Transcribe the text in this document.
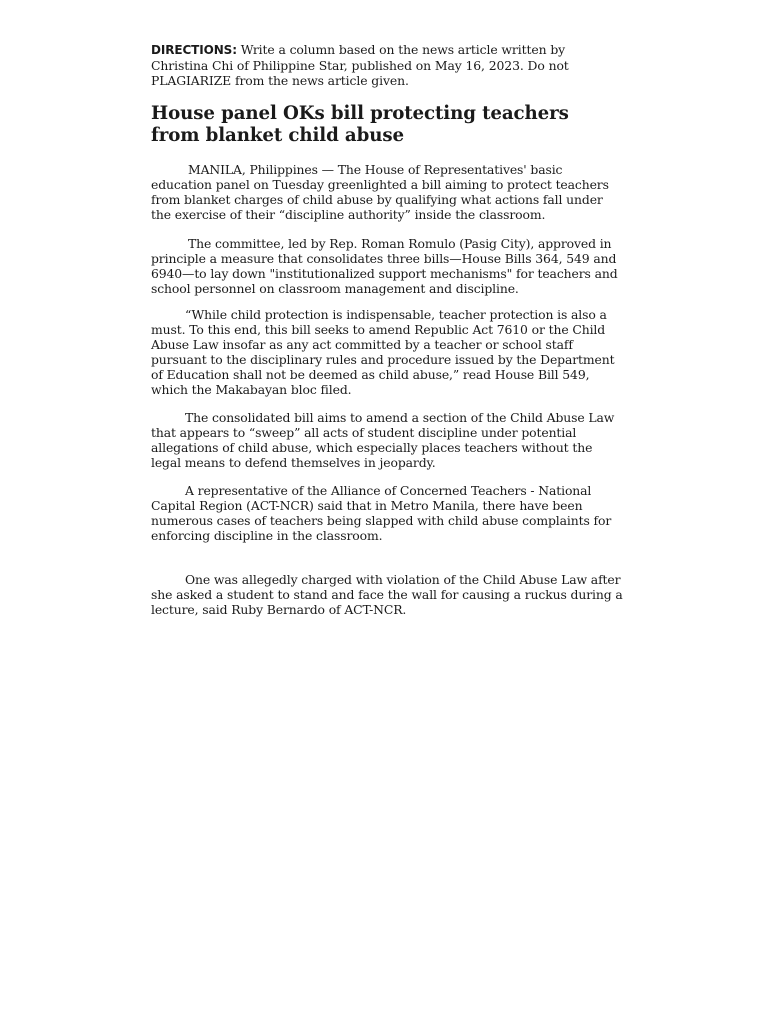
DIRECTIONS: Write a column based on the news article written by Christina Chi of Philippine Star, published on May 16, 2023. Do not PLAGIARIZE from the news article given.

House panel OKs bill protecting teachers from blanket child abuse

MANILA, Philippines — The House of Representatives' basic education panel on Tuesday greenlighted a bill aiming to protect teachers from blanket charges of child abuse by qualifying what actions fall under the exercise of their “discipline authority” inside the classroom.

The committee, led by Rep. Roman Romulo (Pasig City), approved in principle a measure that consolidates three bills—House Bills 364, 549 and 6940—to lay down "institutionalized support mechanisms" for teachers and school personnel on classroom management and discipline.

“While child protection is indispensable, teacher protection is also a must. To this end, this bill seeks to amend Republic Act 7610 or the Child Abuse Law insofar as any act committed by a teacher or school staff pursuant to the disciplinary rules and procedure issued by the Department of Education shall not be deemed as child abuse,” read House Bill 549, which the Makabayan bloc filed.

The consolidated bill aims to amend a section of the Child Abuse Law that appears to “sweep” all acts of student discipline under potential allegations of child abuse, which especially places teachers without the legal means to defend themselves in jeopardy.

A representative of the Alliance of Concerned Teachers - National Capital Region (ACT-NCR) said that in Metro Manila, there have been numerous cases of teachers being slapped with child abuse complaints for enforcing discipline in the classroom.

One was allegedly charged with violation of the Child Abuse Law after she asked a student to stand and face the wall for causing a ruckus during a lecture, said Ruby Bernardo of ACT-NCR.
